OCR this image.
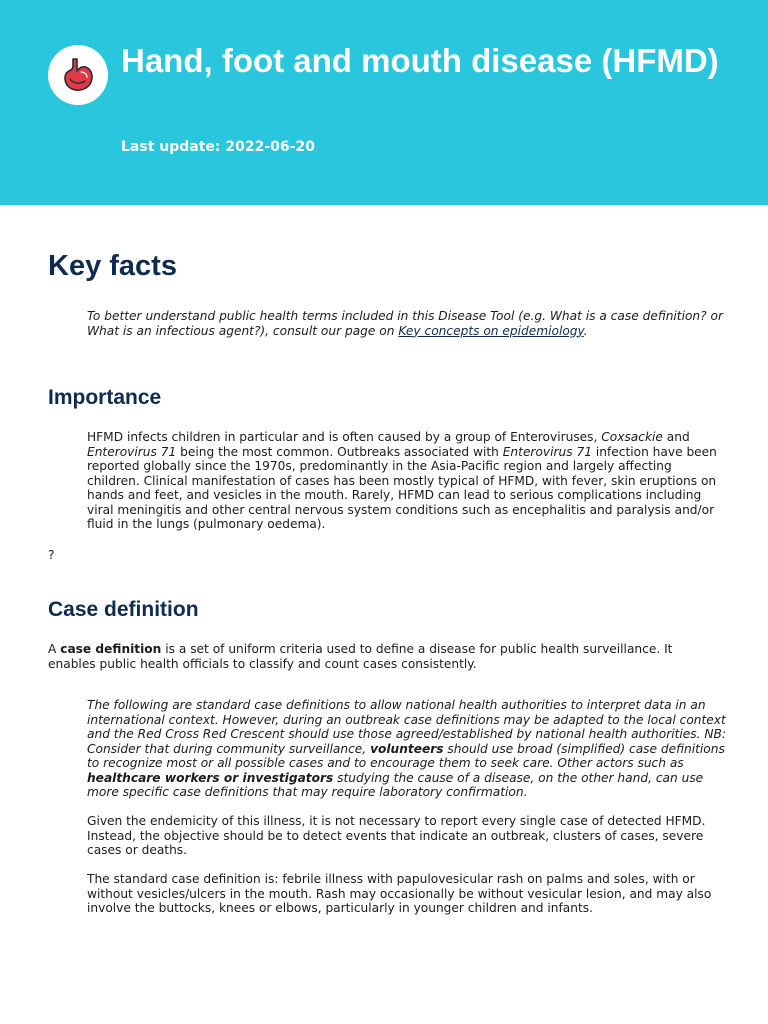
Hand, foot and mouth disease (HFMD)

Last update: 2022-06-20

Key facts

To better understand public health terms included in this Disease Tool (e.g. What is a case definition? or What is an infectious agent?), consult our page on Key concepts on epidemiology.

Importance

HFMD infects children in particular and is often caused by a group of Enteroviruses, Coxsackie and Enterovirus 71 being the most common. Outbreaks associated with Enterovirus 71 infection have been reported globally since the 1970s, predominantly in the Asia-Pacific region and largely affecting children. Clinical manifestation of cases has been mostly typical of HFMD, with fever, skin eruptions on hands and feet, and vesicles in the mouth. Rarely, HFMD can lead to serious complications including viral meningitis and other central nervous system conditions such as encephalitis and paralysis and/or fluid in the lungs (pulmonary oedema).

?

Case definition

A case definition is a set of uniform criteria used to define a disease for public health surveillance. It enables public health officials to classify and count cases consistently.

The following are standard case definitions to allow national health authorities to interpret data in an international context. However, during an outbreak case definitions may be adapted to the local context and the Red Cross Red Crescent should use those agreed/established by national health authorities. NB: Consider that during community surveillance, volunteers should use broad (simplified) case definitions to recognize most or all possible cases and to encourage them to seek care. Other actors such as healthcare workers or investigators studying the cause of a disease, on the other hand, can use more specific case definitions that may require laboratory confirmation.

Given the endemicity of this illness, it is not necessary to report every single case of detected HFMD. Instead, the objective should be to detect events that indicate an outbreak, clusters of cases, severe cases or deaths.

The standard case definition is: febrile illness with papulovesicular rash on palms and soles, with or without vesicles/ulcers in the mouth. Rash may occasionally be without vesicular lesion, and may also involve the buttocks, knees or elbows, particularly in younger children and infants.
